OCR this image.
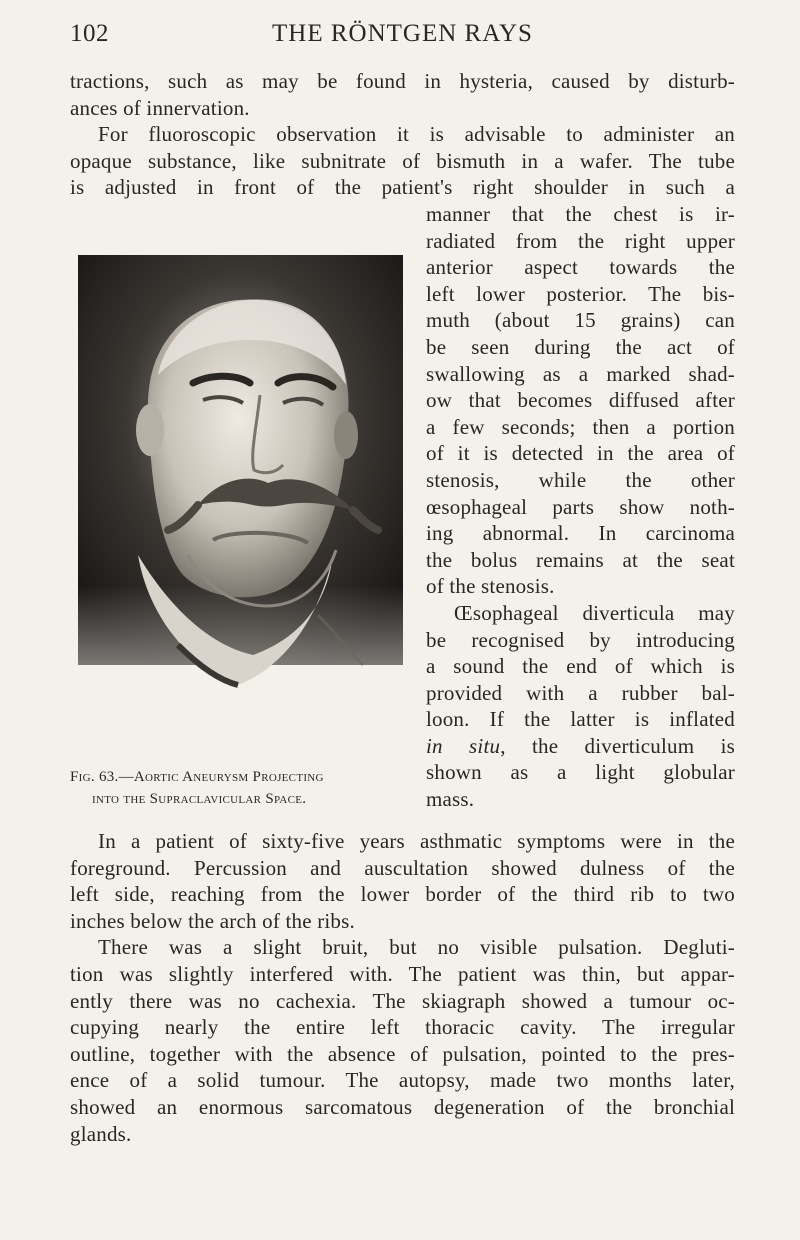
102	THE RÖNTGEN RAYS
tractions, such as may be found in hysteria, caused by disturb-
ances of innervation.
For fluoroscopic observation it is advisable to administer an
opaque substance, like subnitrate of bismuth in a wafer. The tube
is adjusted in front of the patient's right shoulder in such a
manner that the chest is ir-
radiated from the right upper
anterior aspect towards the
left lower posterior. The bis-
muth (about 15 grains) can
be seen during the act of
swallowing as a marked shad-
ow that becomes diffused after
a few seconds; then a portion
of it is detected in the area of
stenosis, while the other
œsophageal parts show noth-
ing abnormal. In carcinoma
the bolus remains at the seat
of the stenosis.
Œsophageal diverticula may
be recognised by introducing
a sound the end of which is
provided with a rubber bal-
loon. If the latter is inflated
in situ, the diverticulum is
shown as a light globular
mass.
Fig. 63.—Aortic Aneurysm Projecting
into the Supraclavicular Space.
In a patient of sixty-five years asthmatic symptoms were in the
foreground. Percussion and auscultation showed dulness of the
left side, reaching from the lower border of the third rib to two
inches below the arch of the ribs.
There was a slight bruit, but no visible pulsation. Degluti-
tion was slightly interfered with. The patient was thin, but appar-
ently there was no cachexia. The skiagraph showed a tumour oc-
cupying nearly the entire left thoracic cavity. The irregular
outline, together with the absence of pulsation, pointed to the pres-
ence of a solid tumour. The autopsy, made two months later,
showed an enormous sarcomatous degeneration of the bronchial
glands.
